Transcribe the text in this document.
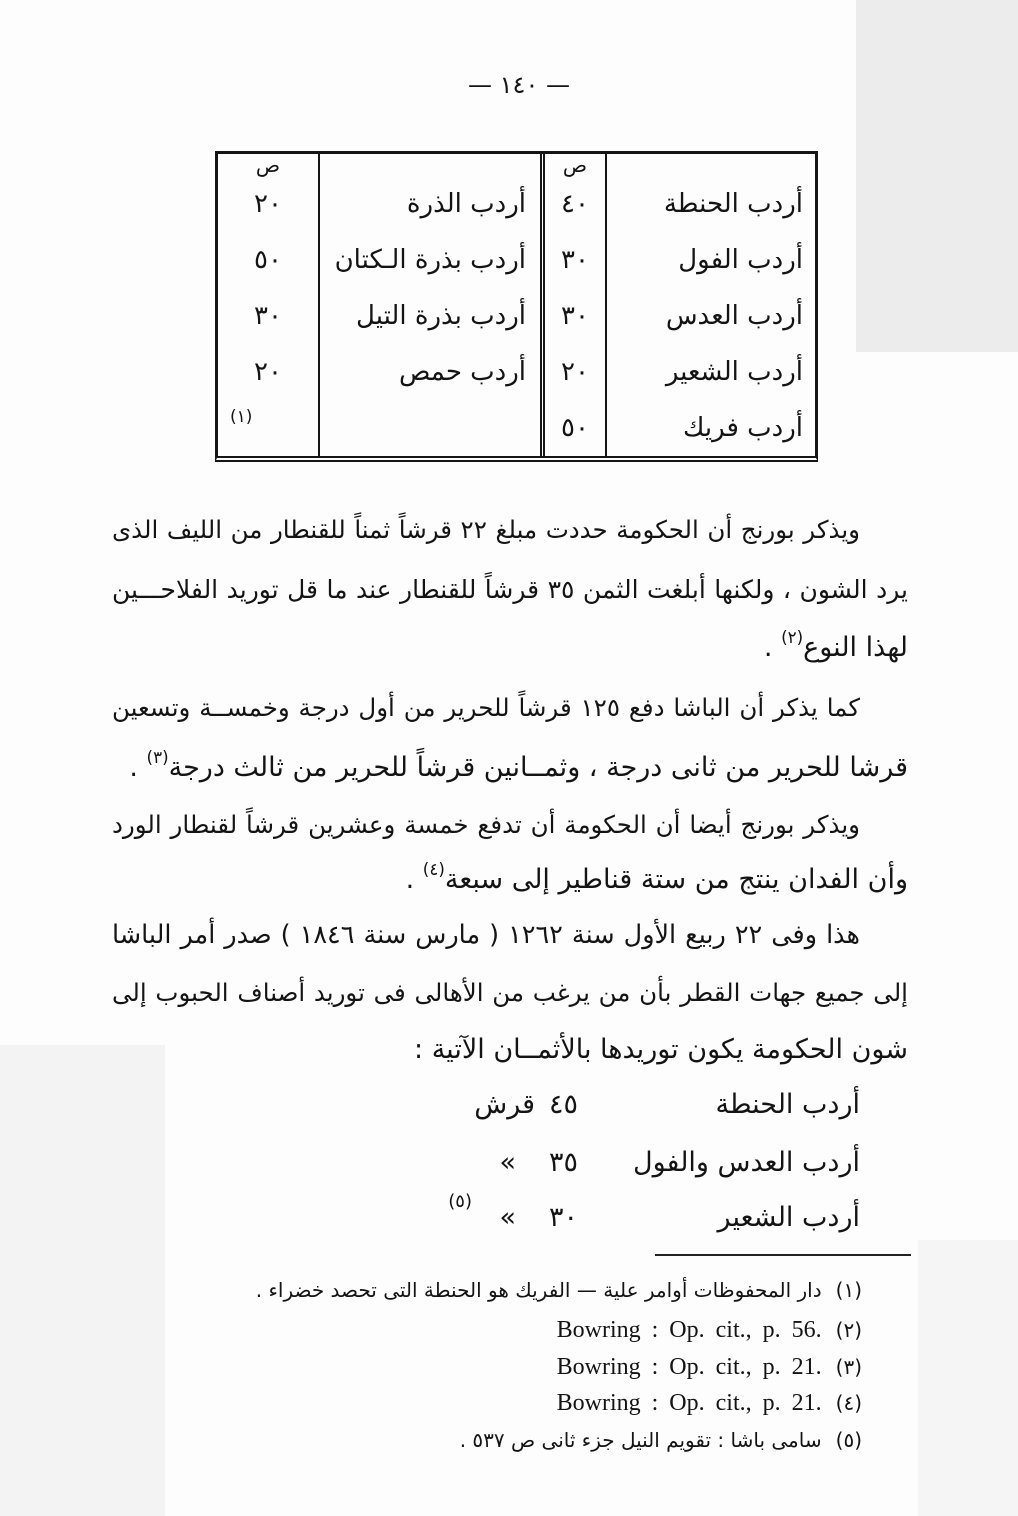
— ١٤٠ —
ص
ص
أردب الحنطة
٤٠
أردب الذرة
٢٠
أردب الفول
٣٠
أردب بذرة الـكتان
٥٠
أردب العدس
٣٠
أردب بذرة التيل
٣٠
أردب الشعير
٢٠
أردب حمص
٢٠
أردب فريك
٥٠
(١)
ويذكر بورنج أن الحكومة حددت مبلغ ٢٢ قرشاً ثمناً للقنطار من الليف الذى
يرد الشون ، ولكنها أبلغت الثمن ٣٥ قرشاً للقنطار عند ما قل توريد الفلاحـــين
لهذا النوع$^{(٢)}$ .
كما يذكر أن الباشا دفع ١٢٥ قرشاً للحرير من أول درجة وخمســة وتسعين
قرشا للحرير من ثانى درجة ، وثمــانين قرشاً للحرير من ثالث درجة$^{(٣)}$ .
ويذكر بورنج أيضا أن الحكومة أن تدفع خمسة وعشرين قرشاً لقنطار الورد
وأن الفدان ينتج من ستة قناطير إلى سبعة$^{(٤)}$ .
هذا وفى ٢٢ ربيع الأول سنة ١٢٦٢ ( مارس سنة ١٨٤٦ ) صدر أمر الباشا
إلى جميع جهات القطر بأن من يرغب من الأهالى فى توريد أصناف الحبوب إلى
شون الحكومة يكون توريدها بالأثمــان الآتية :
أردب الحنطة
٤٥
قرش
أردب العدس والفول
٣٥
«
أردب الشعير
٣٠
«
(٥)
(١)دار المحفوظات أوامر علية — الفريك هو الحنطة التى تحصد خضراء .
(٢)Bowring : Op. cit., p. 56.
(٣)Bowring : Op. cit., p. 21.
(٤)Bowring : Op. cit., p. 21.
(٥)سامى باشا : تقويم النيل جزء ثانى ص ٥٣٧ .
